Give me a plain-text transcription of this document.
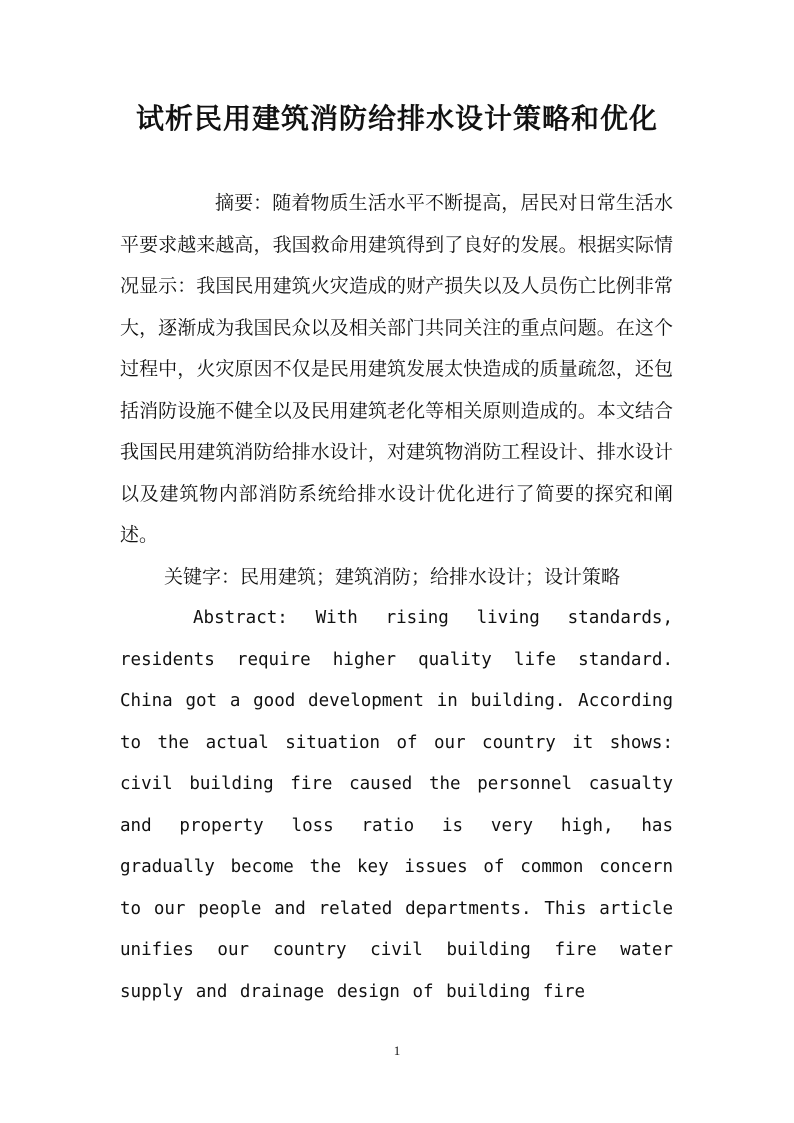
试析民用建筑消防给排水设计策略和优化

摘要：随着物质生活水平不断提高，居民对日常生活水平要求越来越高，我国救命用建筑得到了良好的发展。根据实际情况显示：我国民用建筑火灾造成的财产损失以及人员伤亡比例非常大，逐渐成为我国民众以及相关部门共同关注的重点问题。在这个过程中，火灾原因不仅是民用建筑发展太快造成的质量疏忽，还包括消防设施不健全以及民用建筑老化等相关原则造成的。本文结合我国民用建筑消防给排水设计，对建筑物消防工程设计、排水设计以及建筑物内部消防系统给排水设计优化进行了简要的探究和阐述。

关键字：民用建筑；建筑消防；给排水设计；设计策略

Abstract: With rising living standards, residents require higher quality life standard. China got a good development in building. According to the actual situation of our country it shows: civil building fire caused the personnel casualty and property loss ratio is very high, has gradually become the key issues of common concern to our people and related departments. This article unifies our country civil building fire water supply and drainage design of building fire

1
